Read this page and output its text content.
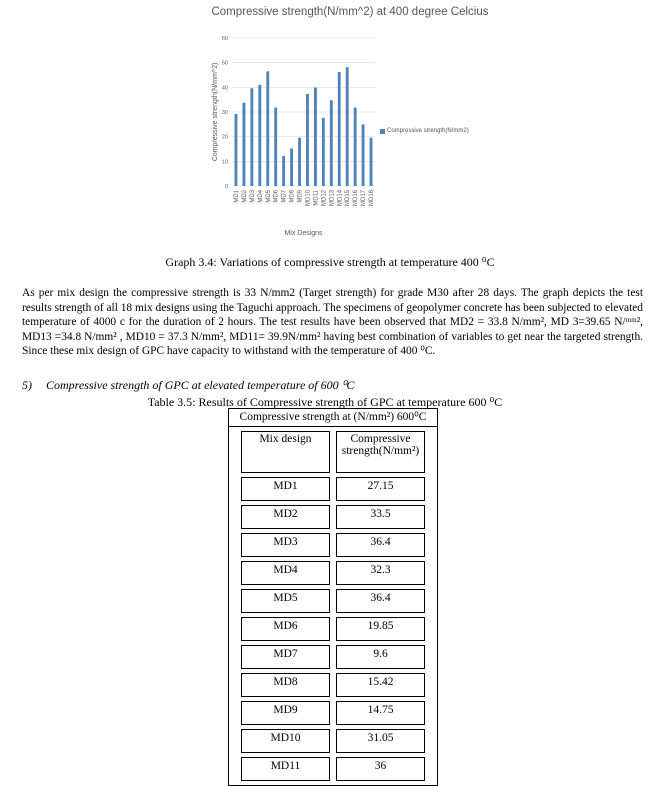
Compressive strength(N/mm^2) at 400 degree Celcius
0
10
20
30
40
50
60
MD1 MD2 MD3 MD4 MD5 MD6 MD7 MD8 MD9 MD10 MD11 MD12 MD13 MD14 MD15 MD16 MD17 MD18
Compressive strength(N/mm^2)
Mix Designs
Compressive strength(N/mm2)
Graph 3.4: Variations of compressive strength at temperature 400 ⁰C
As per mix design the compressive strength is 33 N/mm2 (Target strength) for grade M30 after 28 days. The graph depicts the test results strength of all 18 mix designs using the Taguchi approach. The specimens of geopolymer concrete has been subjected to elevated temperature of 4000 c for the duration of 2 hours. The test results have been observed that MD2 = 33.8 N/mm², MD 3=39.65 N/ᵐᵐ², MD13 =34.8 N/mm² , MD10 = 37.3 N/mm², MD11= 39.9N/mm² having best combination of variables to get near the targeted strength. Since these mix design of GPC have capacity to withstand with the temperature of 400 ⁰C.
5) Compressive strength of GPC at elevated temperature of 600 ⁰C
Table 3.5: Results of Compressive strength of GPC at temperature 600 ⁰C
Compressive strength at (N/mm²) 600⁰C
Mix design	Compressive strength(N/mm²)
MD1	27.15
MD2	33.5
MD3	36.4
MD4	32.3
MD5	36.4
MD6	19.85
MD7	9.6
MD8	15.42
MD9	14.75
MD10	31.05
MD11	36
